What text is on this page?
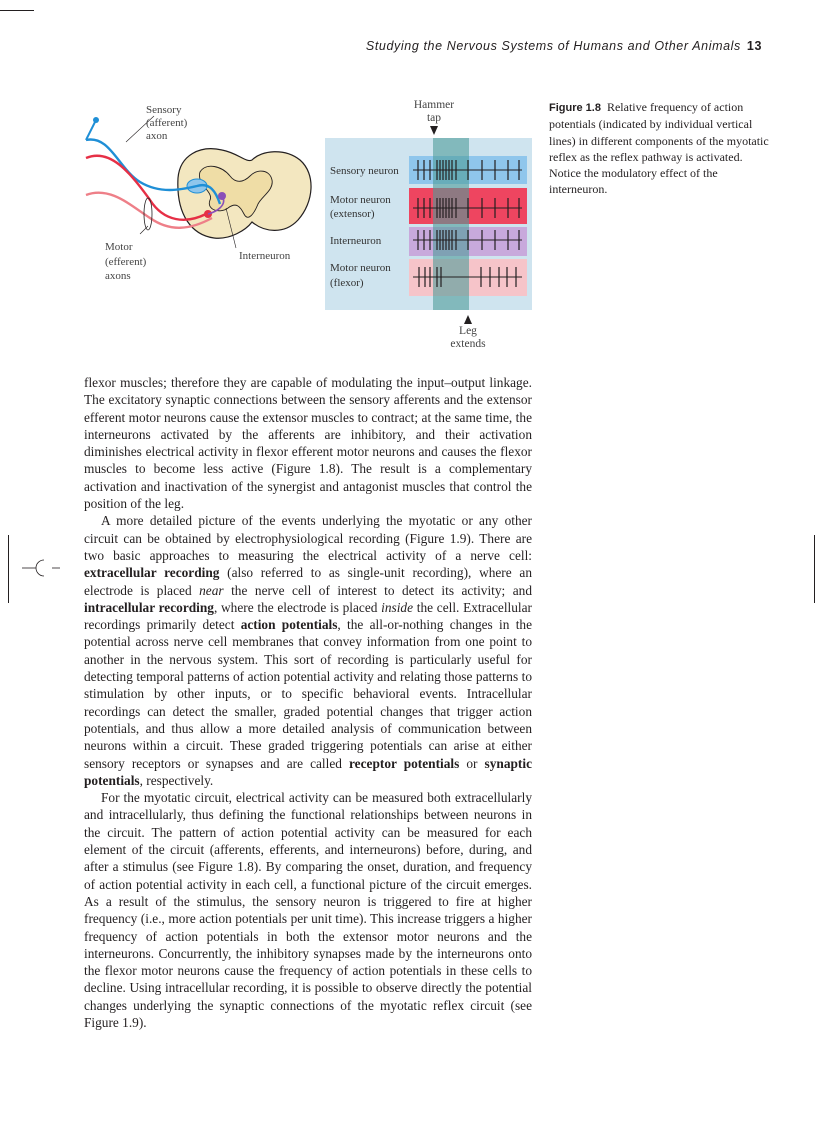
Studying the Nervous Systems of Humans and Other Animals 13
Sensory
(afferent)
axon
Motor
(efferent)
axons
Interneuron
Sensory neuron
Motor neuron
(extensor)
Interneuron
Motor neuron
(flexor)
Hammer
tap
Leg
extends
Figure 1.8 Relative frequency of action potentials (indicated by individual vertical lines) in different components of the myotatic reflex as the reflex pathway is activated. Notice the modulatory effect of the interneuron.

flexor muscles; therefore they are capable of modulating the input–output linkage. The excitatory synaptic connections between the sensory afferents and the extensor efferent motor neurons cause the extensor muscles to contract; at the same time, the interneurons activated by the afferents are inhibitory, and their activation diminishes electrical activity in flexor efferent motor neurons and causes the flexor muscles to become less active (Figure 1.8). The result is a complementary activation and inactivation of the synergist and antagonist muscles that control the position of the leg.

A more detailed picture of the events underlying the myotatic or any other circuit can be obtained by electrophysiological recording (Figure 1.9). There are two basic approaches to measuring the electrical activity of a nerve cell: extracellular recording (also referred to as single-unit recording), where an electrode is placed near the nerve cell of interest to detect its activity; and intracellular recording, where the electrode is placed inside the cell. Extracellular recordings primarily detect action potentials, the all-or-nothing changes in the potential across nerve cell membranes that convey information from one point to another in the nervous system. This sort of recording is particularly useful for detecting temporal patterns of action potential activity and relating those patterns to stimulation by other inputs, or to specific behavioral events. Intracellular recordings can detect the smaller, graded potential changes that trigger action potentials, and thus allow a more detailed analysis of communication between neurons within a circuit. These graded triggering potentials can arise at either sensory receptors or synapses and are called receptor potentials or synaptic potentials, respectively.

For the myotatic circuit, electrical activity can be measured both extracellularly and intracellularly, thus defining the functional relationships between neurons in the circuit. The pattern of action potential activity can be measured for each element of the circuit (afferents, efferents, and interneurons) before, during, and after a stimulus (see Figure 1.8). By comparing the onset, duration, and frequency of action potential activity in each cell, a functional picture of the circuit emerges. As a result of the stimulus, the sensory neuron is triggered to fire at higher frequency (i.e., more action potentials per unit time). This increase triggers a higher frequency of action potentials in both the extensor motor neurons and the interneurons. Concurrently, the inhibitory synapses made by the interneurons onto the flexor motor neurons cause the frequency of action potentials in these cells to decline. Using intracellular recording, it is possible to observe directly the potential changes underlying the synaptic connections of the myotatic reflex circuit (see Figure 1.9).
